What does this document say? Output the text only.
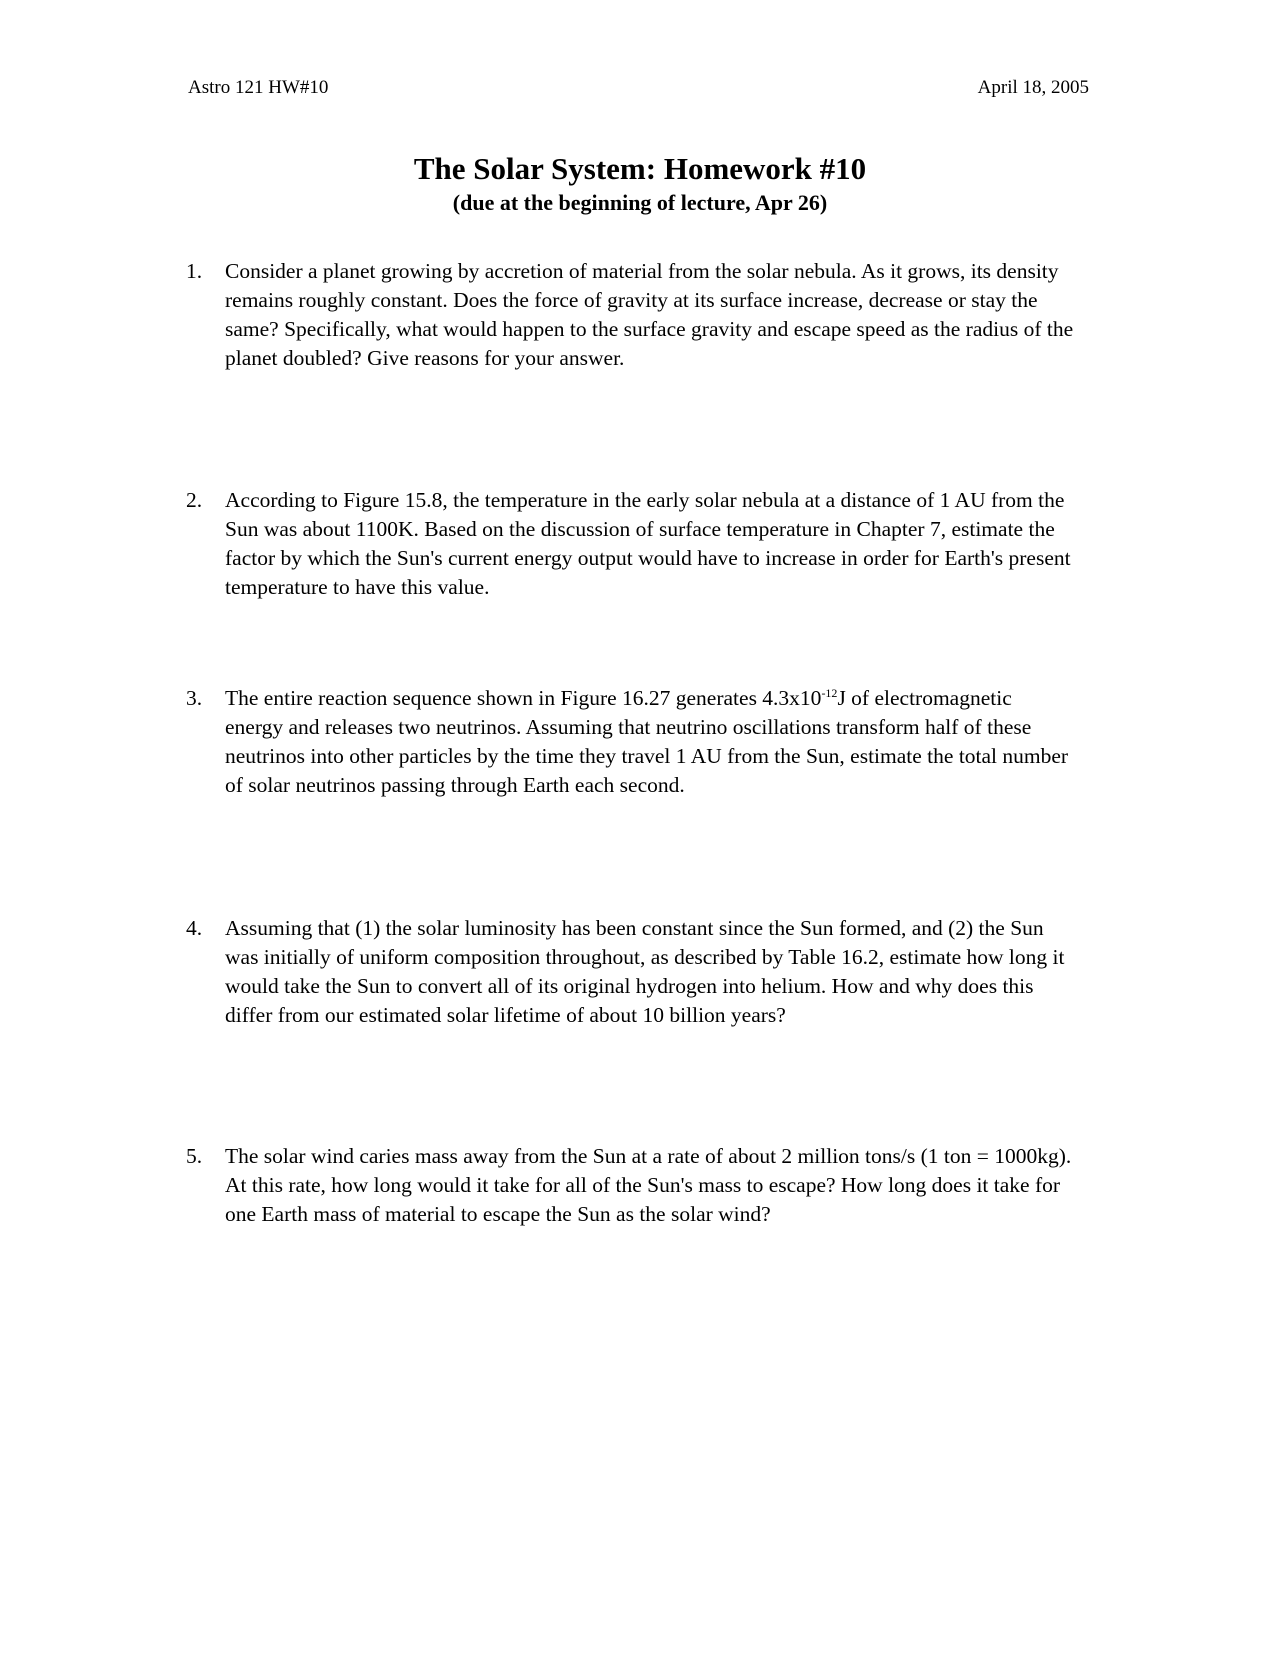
Astro 121 HW#10	April 18, 2005
The Solar System: Homework #10
(due at the beginning of lecture, Apr 26)
1. Consider a planet growing by accretion of material from the solar nebula. As it grows, its density remains roughly constant. Does the force of gravity at its surface increase, decrease or stay the same? Specifically, what would happen to the surface gravity and escape speed as the radius of the planet doubled? Give reasons for your answer.
2. According to Figure 15.8, the temperature in the early solar nebula at a distance of 1 AU from the Sun was about 1100K. Based on the discussion of surface temperature in Chapter 7, estimate the factor by which the Sun's current energy output would have to increase in order for Earth's present temperature to have this value.
3. The entire reaction sequence shown in Figure 16.27 generates $4.3x10^{-12}J$ of electromagnetic energy and releases two neutrinos. Assuming that neutrino oscillations transform half of these neutrinos into other particles by the time they travel 1 AU from the Sun, estimate the total number of solar neutrinos passing through Earth each second.
4. Assuming that (1) the solar luminosity has been constant since the Sun formed, and (2) the Sun was initially of uniform composition throughout, as described by Table 16.2, estimate how long it would take the Sun to convert all of its original hydrogen into helium. How and why does this differ from our estimated solar lifetime of about 10 billion years?
5. The solar wind caries mass away from the Sun at a rate of about 2 million tons/s (1 ton = 1000kg). At this rate, how long would it take for all of the Sun's mass to escape? How long does it take for one Earth mass of material to escape the Sun as the solar wind?
